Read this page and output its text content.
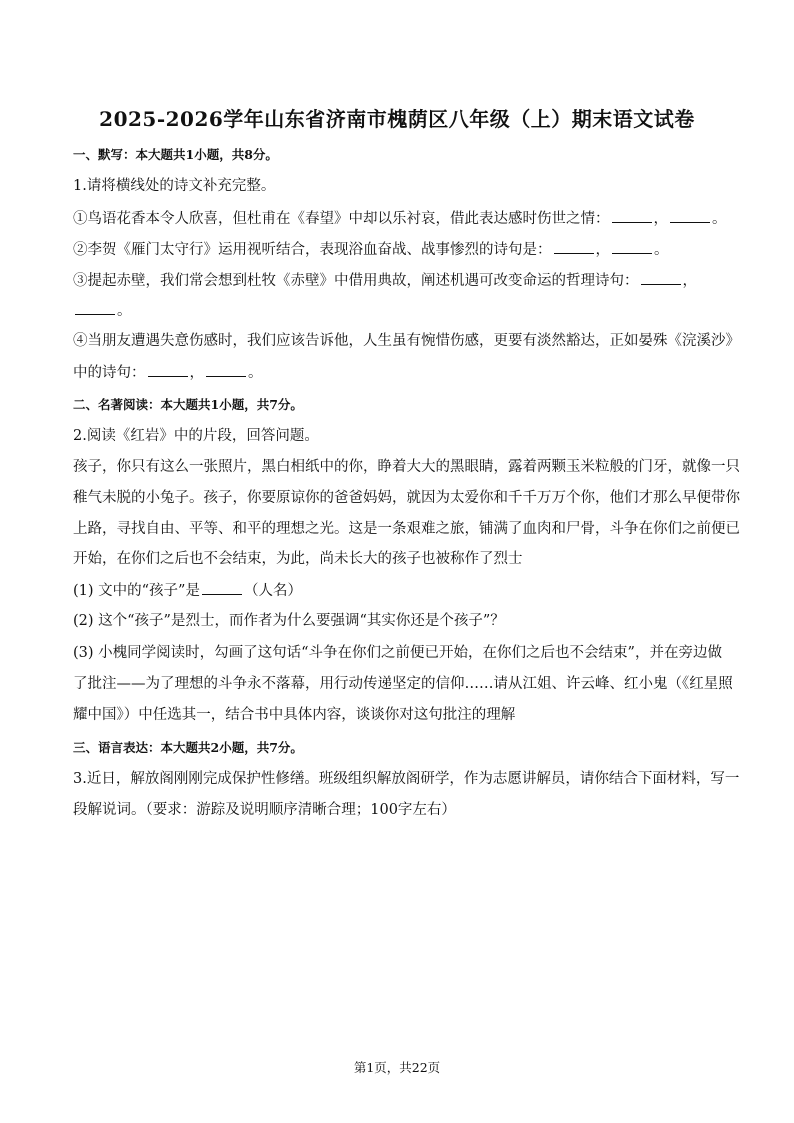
2025-2026学年山东省济南市槐荫区八年级（上）期末语文试卷
一、默写：本大题共1小题，共8分。
1.请将横线处的诗文补充完整。
①鸟语花香本令人欣喜，但杜甫在《春望》中却以乐衬哀，借此表达感时伤世之情：	，	。
②李贺《雁门太守行》运用视听结合，表现浴血奋战、战事惨烈的诗句是：	，	。
③提起赤壁，我们常会想到杜牧《赤壁》中借用典故，阐述机遇可改变命运的哲理诗句：	，
。
④当朋友遭遇失意伤感时，我们应该告诉他，人生虽有惋惜伤感，更要有淡然豁达，正如晏殊《浣溪沙》
中的诗句：	，	。
二、名著阅读：本大题共1小题，共7分。
2.阅读《红岩》中的片段，回答问题。
孩子，你只有这么一张照片，黑白相纸中的你，睁着大大的黑眼睛，露着两颗玉米粒般的门牙，就像一只
稚气未脱的小兔子。孩子，你要原谅你的爸爸妈妈，就因为太爱你和千千万万个你，他们才那么早便带你
上路，寻找自由、平等、和平的理想之光。这是一条艰难之旅，铺满了血肉和尸骨，斗争在你们之前便已
开始，在你们之后也不会结束，为此，尚未长大的孩子也被称作了烈士
(1) 文中的“孩子”是	（人名）
(2) 这个“孩子”是烈士，而作者为什么要强调“其实你还是个孩子”？
(3) 小槐同学阅读时，勾画了这句话“斗争在你们之前便已开始，在你们之后也不会结束”，并在旁边做
了批注——为了理想的斗争永不落幕，用行动传递坚定的信仰……请从江姐、许云峰、红小鬼（《红星照
耀中国》）中任选其一，结合书中具体内容，谈谈你对这句批注的理解
三、语言表达：本大题共2小题，共7分。
3.近日，解放阁刚刚完成保护性修缮。班级组织解放阁研学，作为志愿讲解员，请你结合下面材料，写一
段解说词。（要求：游踪及说明顺序清晰合理；100字左右）
第1页，共22页
